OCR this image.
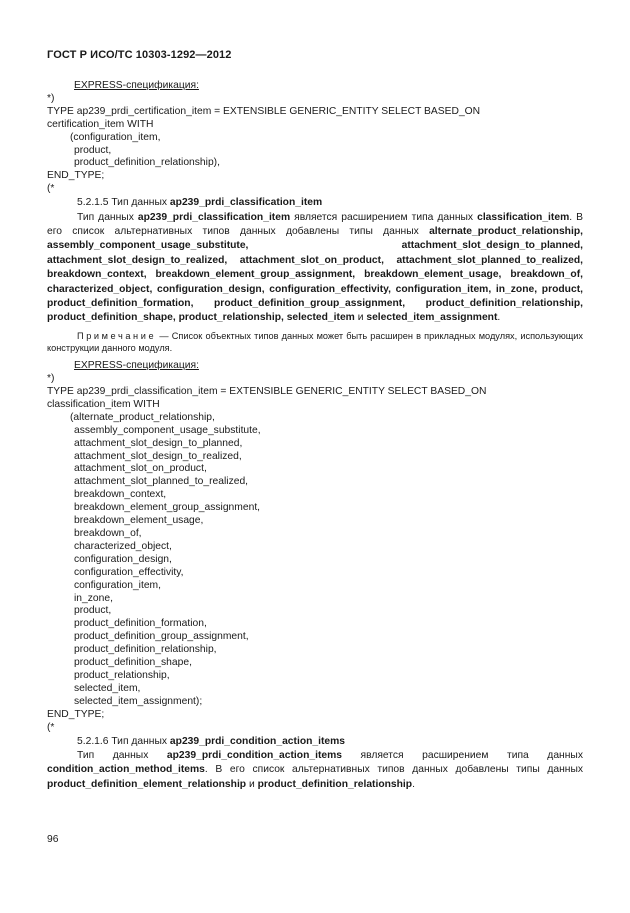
ГОСТ Р ИСО/ТС 10303-1292—2012
EXPRESS-спецификация:
*)
TYPE ap239_prdi_certification_item = EXTENSIBLE GENERIC_ENTITY SELECT BASED_ON
certification_item WITH
(configuration_item,
product,
product_definition_relationship),
END_TYPE;
(*
5.2.1.5 Тип данных ap239_prdi_classification_item
Тип данных ap239_prdi_classification_item является расширением типа данных classification_item. В его список альтернативных типов данных добавлены типы данных alternate_product_relationship, assembly_component_usage_substitute, attachment_slot_design_to_planned, attachment_slot_design_to_realized, attachment_slot_on_product, attachment_slot_planned_to_realized, breakdown_context, breakdown_element_group_assignment, breakdown_element_usage, breakdown_of, characterized_object, configuration_design, configuration_effectivity, configuration_item, in_zone, product, product_definition_formation, product_definition_group_assignment, product_definition_relationship, product_definition_shape, product_relationship, selected_item и selected_item_assignment.
Примечание — Список объектных типов данных может быть расширен в прикладных модулях, использующих конструкции данного модуля.
EXPRESS-спецификация:
*)
TYPE ap239_prdi_classification_item = EXTENSIBLE GENERIC_ENTITY SELECT BASED_ON
classification_item WITH
(alternate_product_relationship,
assembly_component_usage_substitute,
attachment_slot_design_to_planned,
attachment_slot_design_to_realized,
attachment_slot_on_product,
attachment_slot_planned_to_realized,
breakdown_context,
breakdown_element_group_assignment,
breakdown_element_usage,
breakdown_of,
characterized_object,
configuration_design,
configuration_effectivity,
configuration_item,
in_zone,
product,
product_definition_formation,
product_definition_group_assignment,
product_definition_relationship,
product_definition_shape,
product_relationship,
selected_item,
selected_item_assignment);
END_TYPE;
(*
5.2.1.6 Тип данных ap239_prdi_condition_action_items
Тип данных ap239_prdi_condition_action_items является расширением типа данных condition_action_method_items. В его список альтернативных типов данных добавлены типы данных product_definition_element_relationship и product_definition_relationship.
96
